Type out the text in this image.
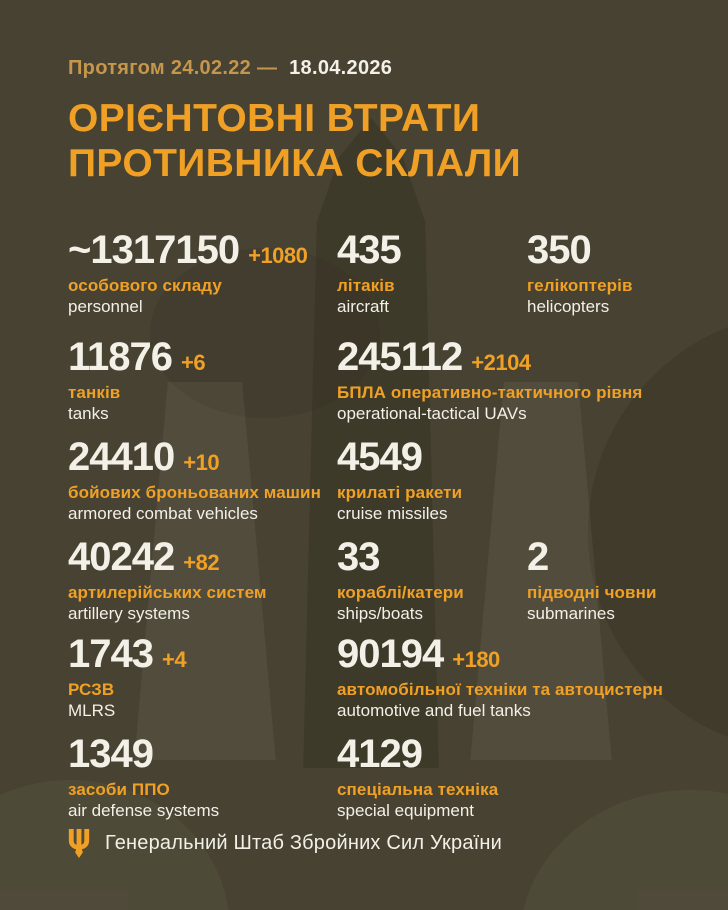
Протягом 24.02.22 — 18.04.2026
ОРІЄНТОВНІ ВТРАТИ
ПРОТИВНИКА СКЛАЛИ
~1317150 +1080
особового складу
personnel
435
літаків
aircraft
350
гелікоптерів
helicopters
11876 +6
танків
tanks
245112 +2104
БПЛА оперативно-тактичного рівня
operational-tactical UAVs
24410 +10
бойових броньованих машин
armored combat vehicles
4549
крилаті ракети
cruise missiles
40242 +82
артилерійських систем
artillery systems
33
кораблі/катери
ships/boats
2
підводні човни
submarines
1743 +4
РСЗВ
MLRS
90194 +180
автомобільної техніки та автоцистерн
automotive and fuel tanks
1349
засоби ППО
air defense systems
4129
спеціальна техніка
special equipment
Генеральний Штаб Збройних Сил України
